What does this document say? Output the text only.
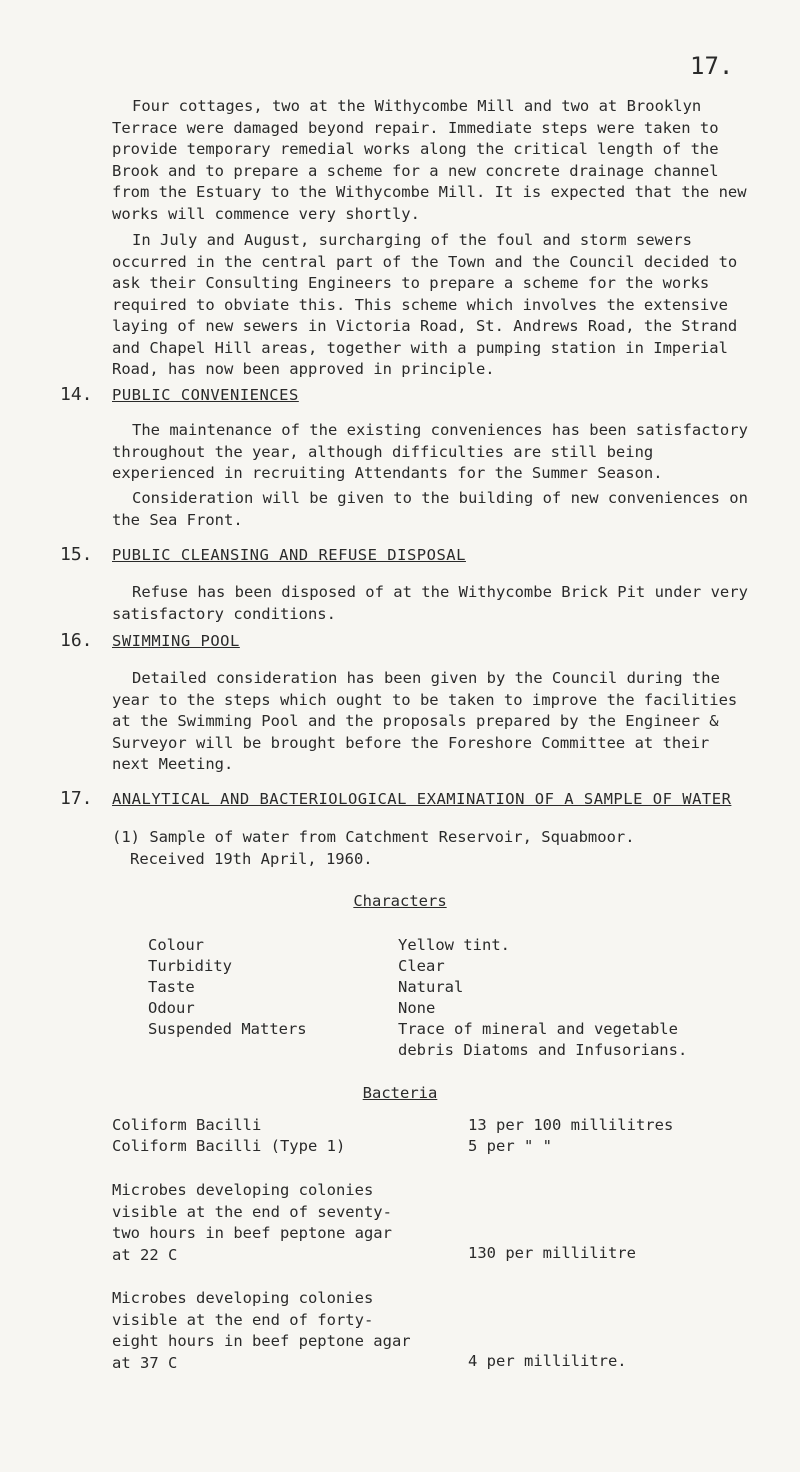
17.

Four cottages, two at the Withycombe Mill and two at Brooklyn Terrace were damaged beyond repair. Immediate steps were taken to provide temporary remedial works along the critical length of the Brook and to prepare a scheme for a new concrete drainage channel from the Estuary to the Withycombe Mill. It is expected that the new works will commence very shortly.

In July and August, surcharging of the foul and storm sewers occurred in the central part of the Town and the Council decided to ask their Consulting Engineers to prepare a scheme for the works required to obviate this. This scheme which involves the extensive laying of new sewers in Victoria Road, St. Andrews Road, the Strand and Chapel Hill areas, together with a pumping station in Imperial Road, has now been approved in principle.

14. PUBLIC CONVENIENCES

The maintenance of the existing conveniences has been satisfactory throughout the year, although difficulties are still being experienced in recruiting Attendants for the Summer Season.

Consideration will be given to the building of new conveniences on the Sea Front.

15. PUBLIC CLEANSING AND REFUSE DISPOSAL

Refuse has been disposed of at the Withycombe Brick Pit under very satisfactory conditions.

16. SWIMMING POOL

Detailed consideration has been given by the Council during the year to the steps which ought to be taken to improve the facilities at the Swimming Pool and the proposals prepared by the Engineer & Surveyor will be brought before the Foreshore Committee at their next Meeting.

17. ANALYTICAL AND BACTERIOLOGICAL EXAMINATION OF A SAMPLE OF WATER
(1) Sample of water from Catchment Reservoir, Squabmoor.
Received 19th April, 1960.
Characters
Colour	Yellow tint.
Turbidity	Clear
Taste	Natural
Odour	None
Suspended Matters	Trace of mineral and vegetable
debris Diatoms and Infusorians.
Bacteria
Coliform Bacilli	13 per 100 millilitres
Coliform Bacilli (Type 1)	5 per " "
Microbes developing colonies visible at the end of seventy-two hours in beef peptone agar at 22 C	130 per millilitre
Microbes developing colonies visible at the end of forty-eight hours in beef peptone agar at 37 C	4 per millilitre.
